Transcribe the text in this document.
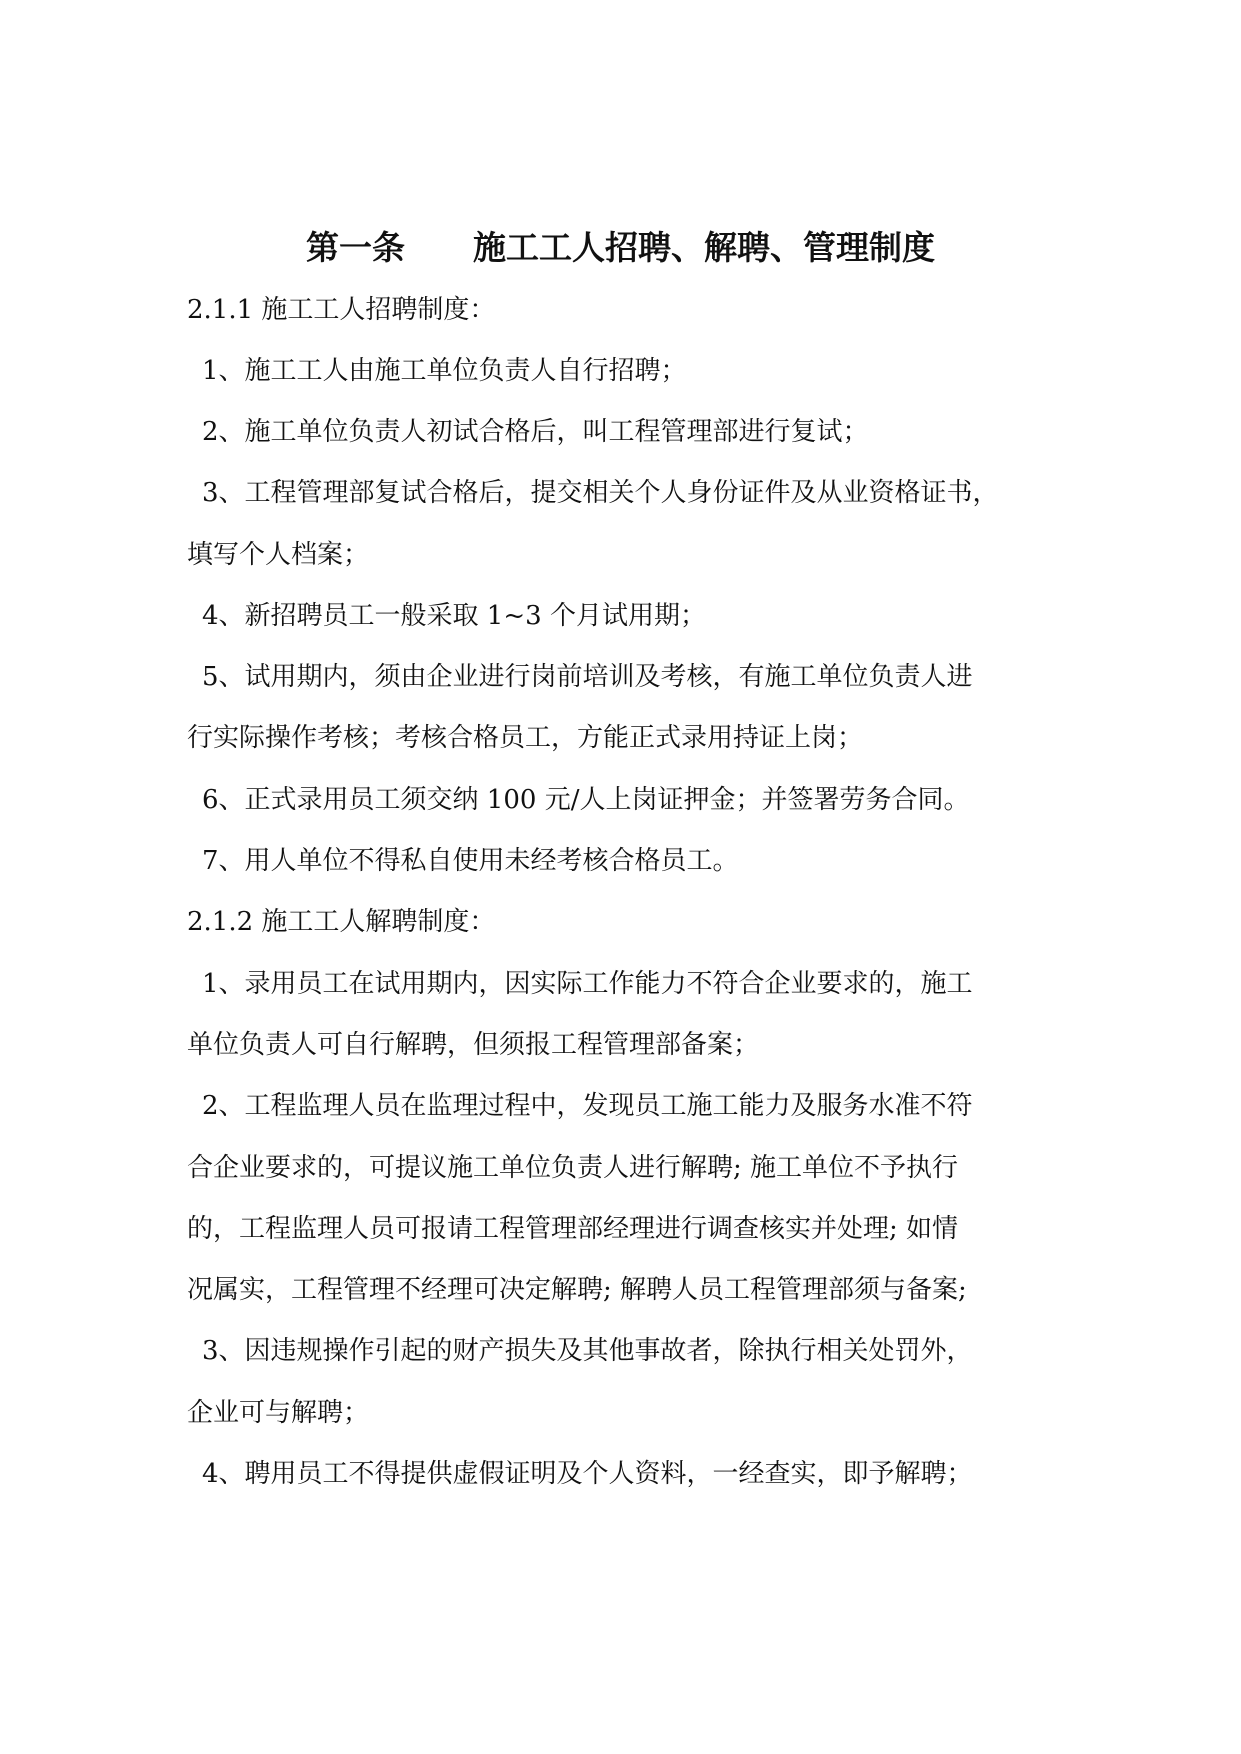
第一条 施工工人招聘、解聘、管理制度
2.1.1 施工工人招聘制度：
1、施工工人由施工单位负责人自行招聘；
2、施工单位负责人初试合格后，叫工程管理部进行复试；
3、工程管理部复试合格后，提交相关个人身份证件及从业资格证书，
填写个人档案；
4、新招聘员工一般采取 1~3 个月试用期；
5、试用期内，须由企业进行岗前培训及考核，有施工单位负责人进
行实际操作考核；考核合格员工，方能正式录用持证上岗；
6、正式录用员工须交纳 100 元/人上岗证押金；并签署劳务合同。
7、用人单位不得私自使用未经考核合格员工。
2.1.2 施工工人解聘制度：
1、录用员工在试用期内，因实际工作能力不符合企业要求的，施工
单位负责人可自行解聘，但须报工程管理部备案；
2、工程监理人员在监理过程中，发现员工施工能力及服务水准不符
合企业要求的，可提议施工单位负责人进行解聘; 施工单位不予执行
的，工程监理人员可报请工程管理部经理进行调查核实并处理; 如情
况属实，工程管理不经理可决定解聘; 解聘人员工程管理部须与备案;
3、因违规操作引起的财产损失及其他事故者，除执行相关处罚外，
企业可与解聘；
4、聘用员工不得提供虚假证明及个人资料，一经查实，即予解聘；
